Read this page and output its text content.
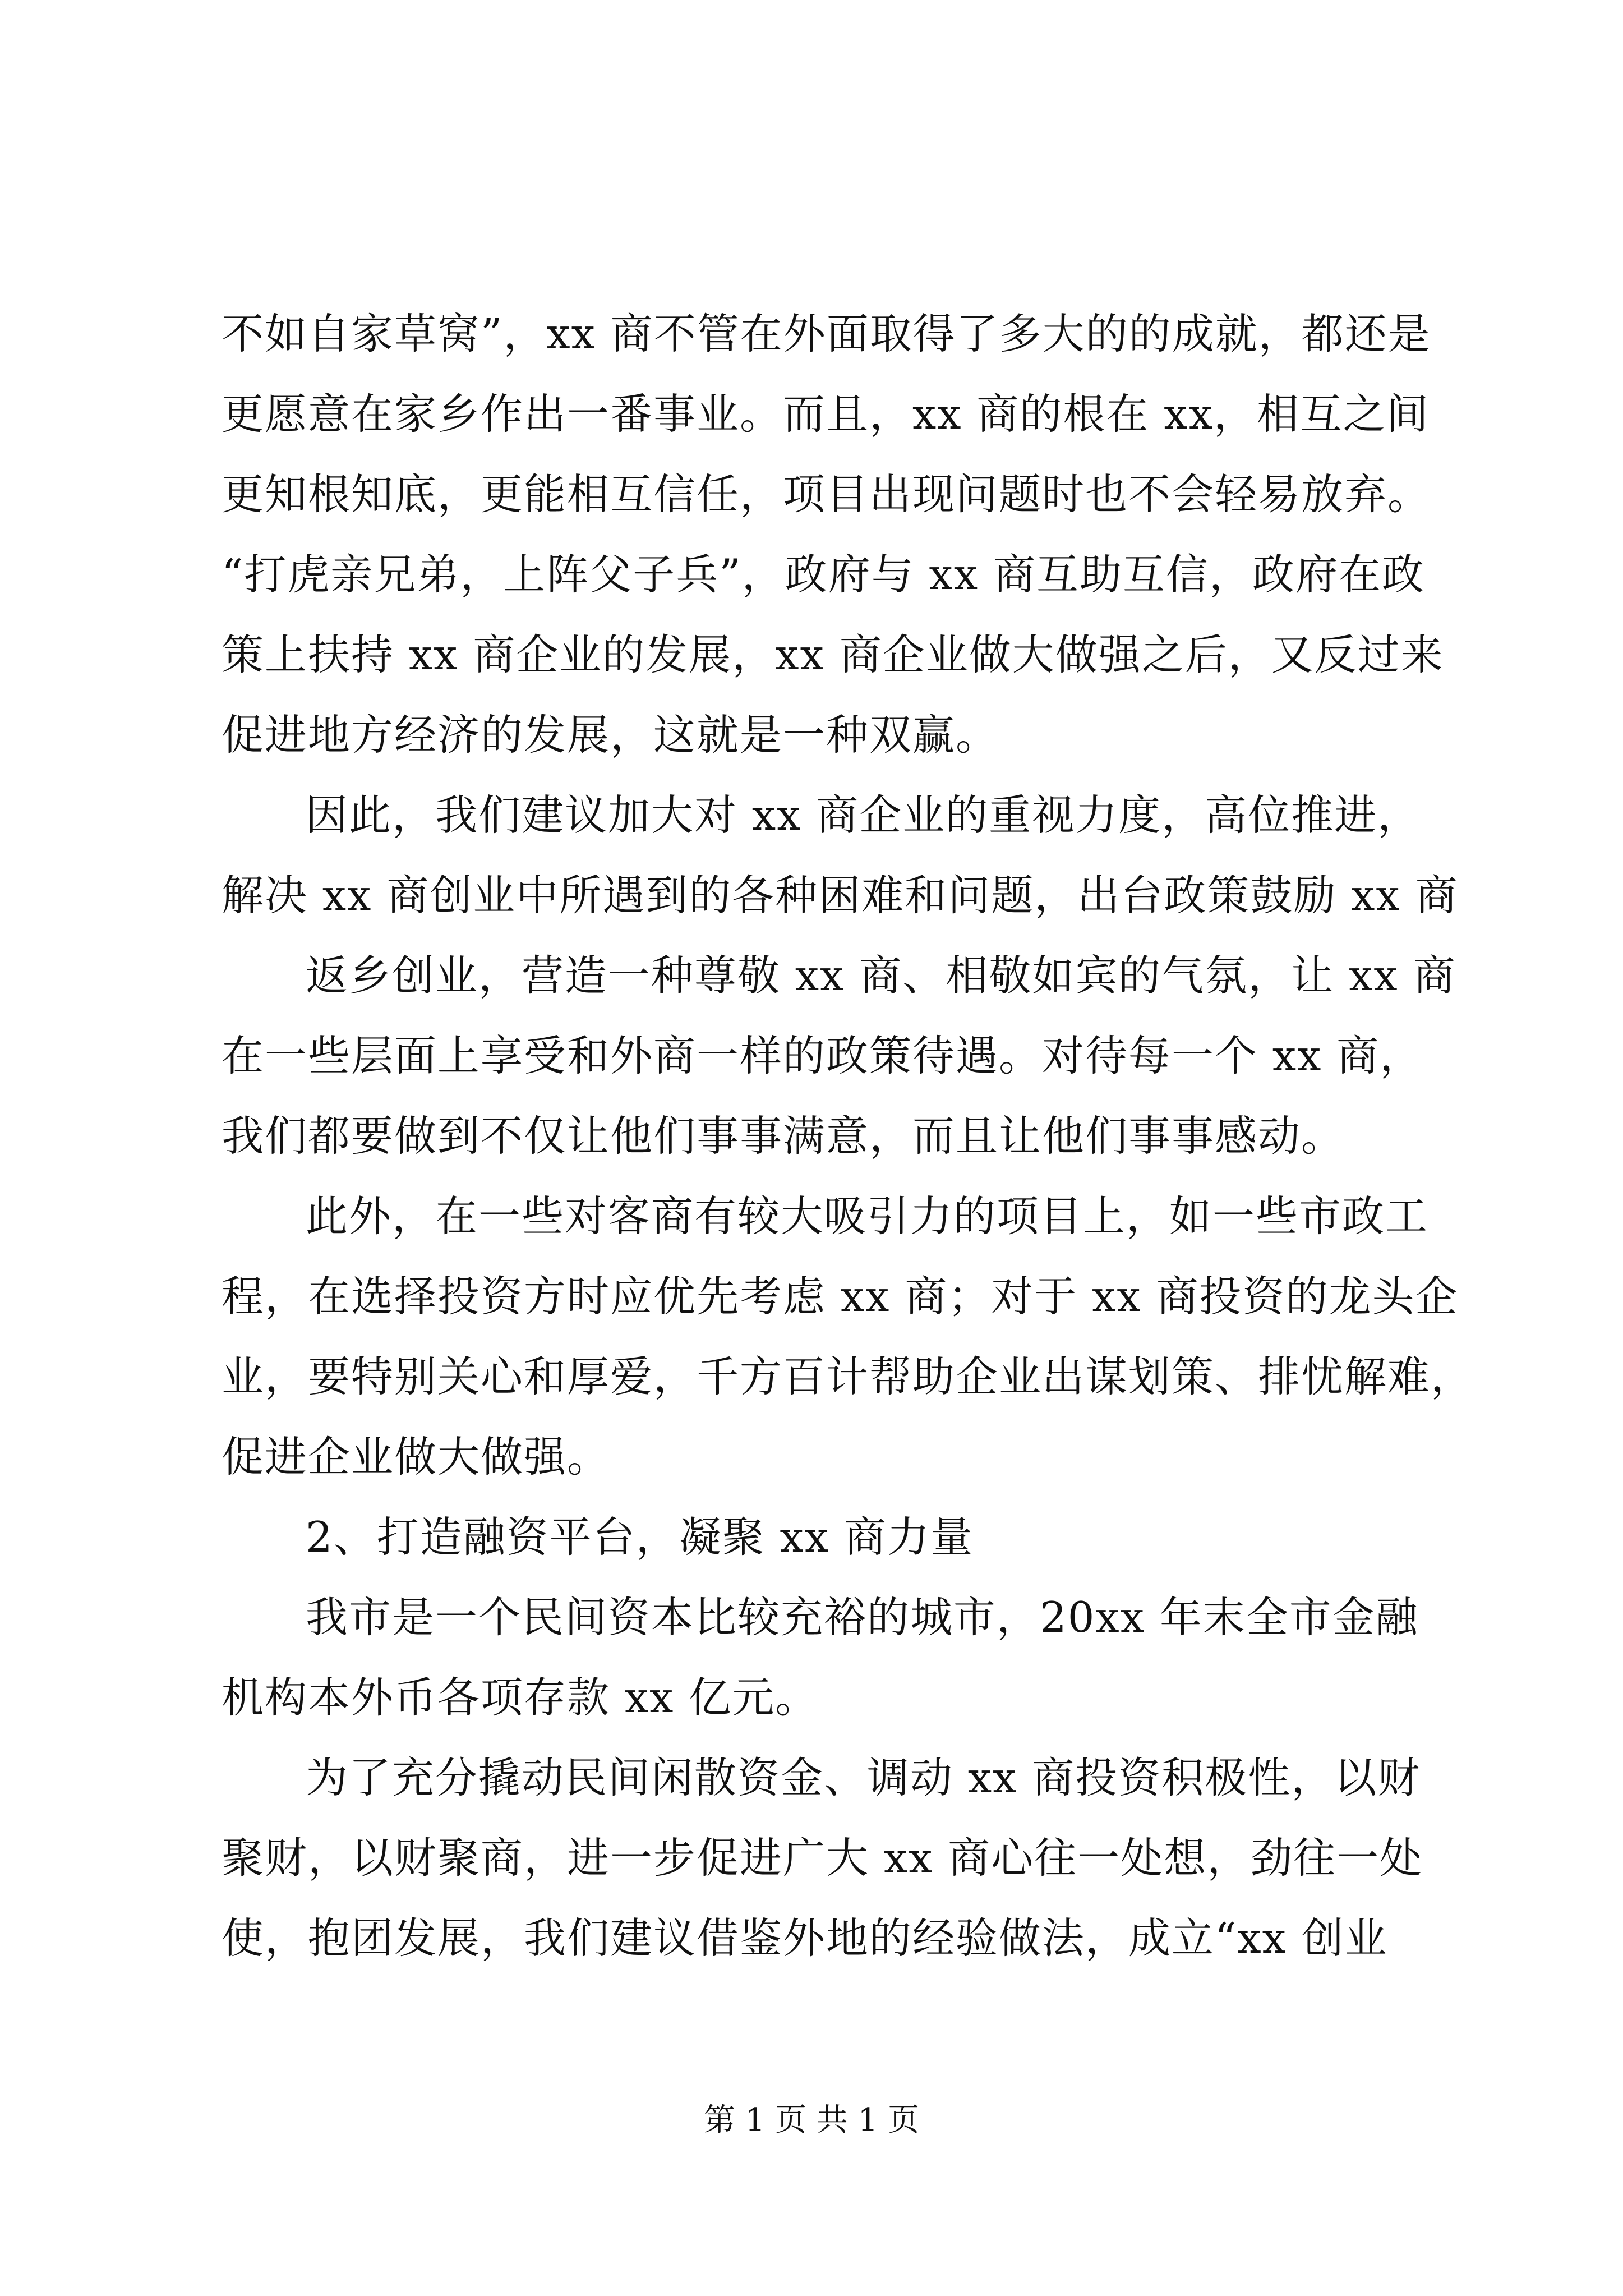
不如自家草窝”，xx 商不管在外面取得了多大的的成就，都还是
更愿意在家乡作出一番事业。而且，xx 商的根在 xx，相互之间
更知根知底，更能相互信任，项目出现问题时也不会轻易放弃。
“打虎亲兄弟，上阵父子兵”，政府与 xx 商互助互信，政府在政
策上扶持 xx 商企业的发展，xx 商企业做大做强之后，又反过来
促进地方经济的发展，这就是一种双赢。
因此，我们建议加大对 xx 商企业的重视力度，高位推进，
解决 xx 商创业中所遇到的各种困难和问题，出台政策鼓励 xx 商
返乡创业，营造一种尊敬 xx 商、相敬如宾的气氛，让 xx 商
在一些层面上享受和外商一样的政策待遇。对待每一个 xx 商，
我们都要做到不仅让他们事事满意，而且让他们事事感动。
此外，在一些对客商有较大吸引力的项目上，如一些市政工
程，在选择投资方时应优先考虑 xx 商；对于 xx 商投资的龙头企
业，要特别关心和厚爱，千方百计帮助企业出谋划策、排忧解难，
促进企业做大做强。
2、打造融资平台，凝聚 xx 商力量
我市是一个民间资本比较充裕的城市，20xx 年末全市金融
机构本外币各项存款 xx 亿元。
为了充分撬动民间闲散资金、调动 xx 商投资积极性，以财
聚财，以财聚商，进一步促进广大 xx 商心往一处想，劲往一处
使，抱团发展，我们建议借鉴外地的经验做法，成立“xx 创业
第 1 页 共 1 页
